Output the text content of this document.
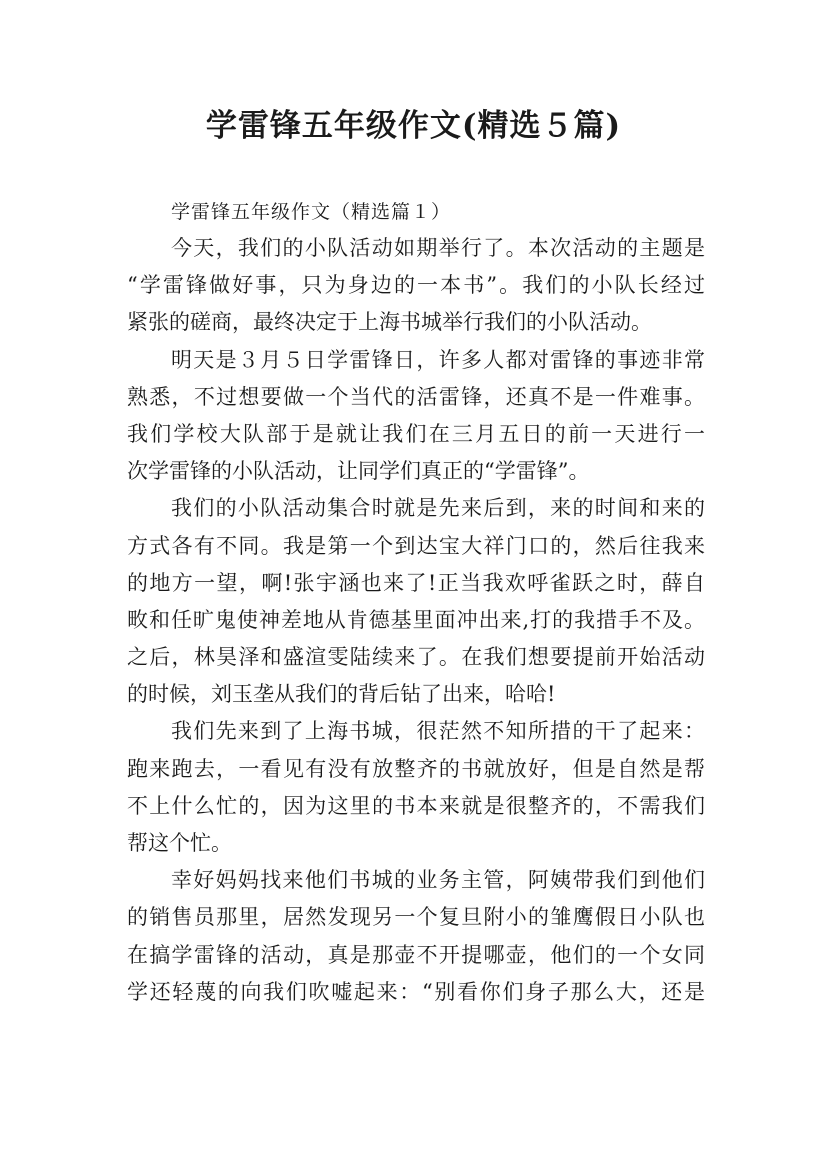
学雷锋五年级作文(精选５篇)
学雷锋五年级作文（精选篇１）
今天，我们的小队活动如期举行了。本次活动的主题是
“学雷锋做好事，只为身边的一本书”。我们的小队长经过
紧张的磋商，最终决定于上海书城举行我们的小队活动。
明天是３月５日学雷锋日，许多人都对雷锋的事迹非常
熟悉，不过想要做一个当代的活雷锋，还真不是一件难事。
我们学校大队部于是就让我们在三月五日的前一天进行一
次学雷锋的小队活动，让同学们真正的“学雷锋”。
我们的小队活动集合时就是先来后到，来的时间和来的
方式各有不同。我是第一个到达宝大祥门口的，然后往我来
的地方一望，啊!张宇涵也来了!正当我欢呼雀跃之时，薛自
畋和任旷鬼使神差地从肯德基里面冲出来,打的我措手不及。
之后，林昊泽和盛渲雯陆续来了。在我们想要提前开始活动
的时候，刘玉垄从我们的背后钻了出来，哈哈!
我们先来到了上海书城，很茫然不知所措的干了起来：
跑来跑去，一看见有没有放整齐的书就放好，但是自然是帮
不上什么忙的，因为这里的书本来就是很整齐的，不需我们
帮这个忙。
幸好妈妈找来他们书城的业务主管，阿姨带我们到他们
的销售员那里，居然发现另一个复旦附小的雏鹰假日小队也
在搞学雷锋的活动，真是那壶不开提哪壶，他们的一个女同
学还轻蔑的向我们吹嘘起来：“别看你们身子那么大，还是
